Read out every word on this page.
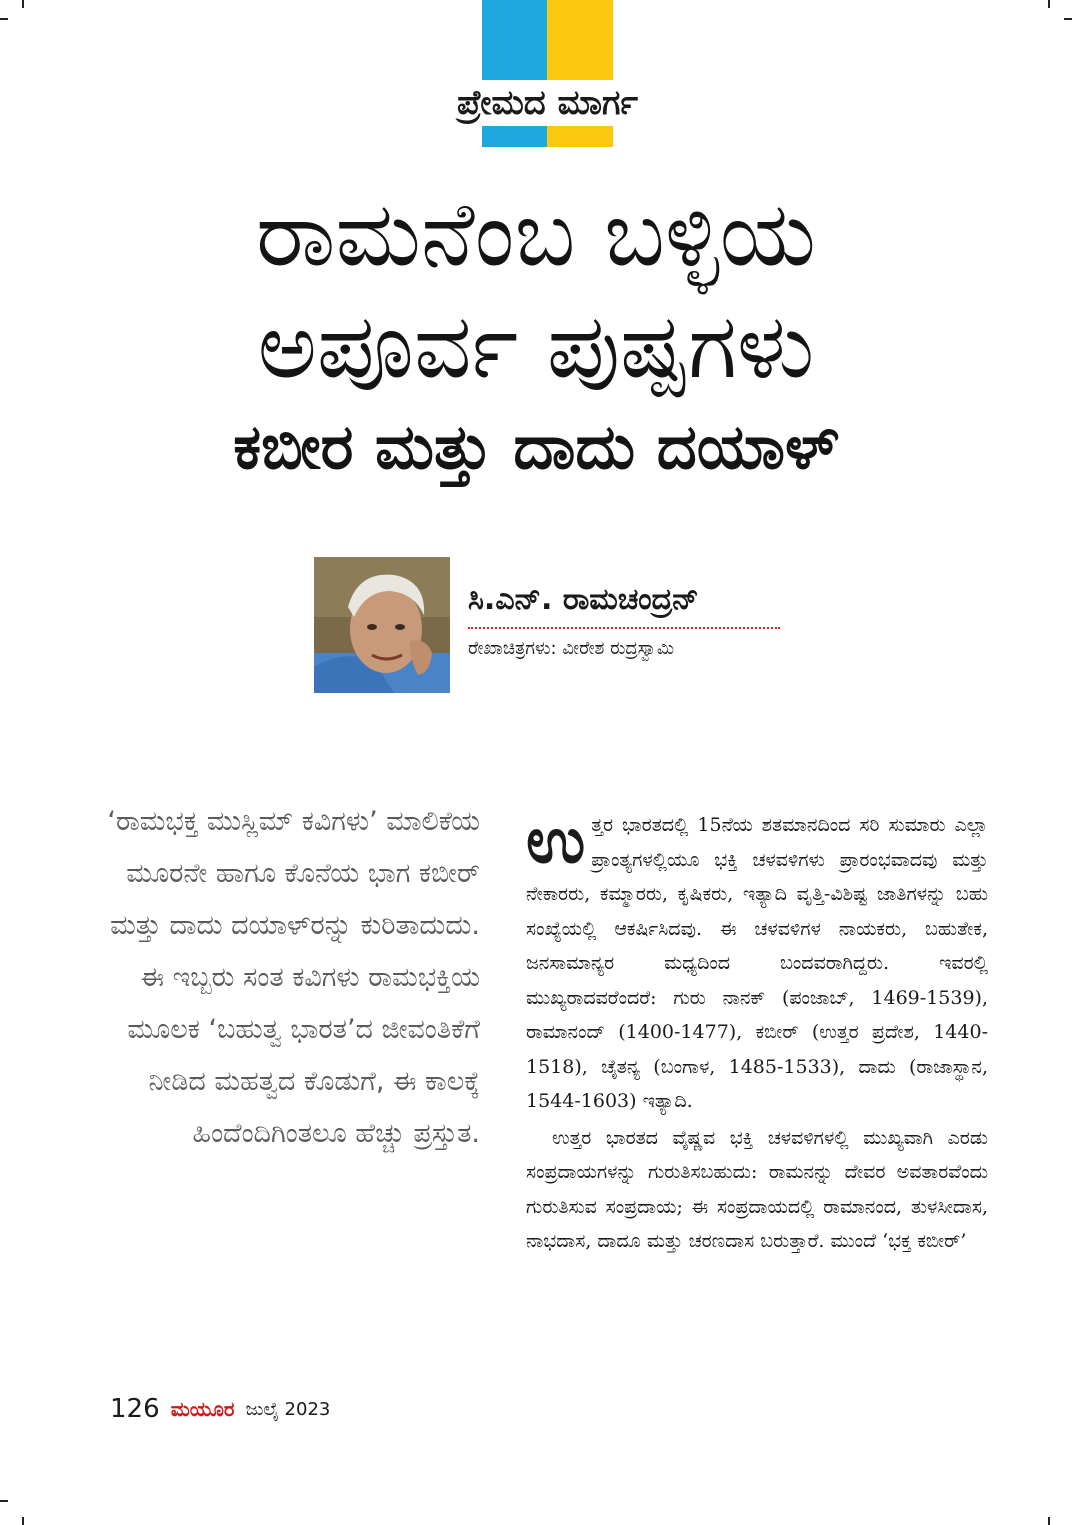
ಪ್ರೇಮದ ಮಾರ್ಗ
ರಾಮನೆಂಬ ಬಳ್ಳಿಯ
ಅಪೂರ್ವ ಪುಷ್ಪಗಳು
ಕಬೀರ ಮತ್ತು ದಾದು ದಯಾಳ್
ಸಿ.ಎನ್. ರಾಮಚಂದ್ರನ್
ರೇಖಾಚಿತ್ರಗಳು: ವೀರೇಶ ರುದ್ರಸ್ವಾಮಿ

‘ರಾಮಭಕ್ತ ಮುಸ್ಲಿಮ್ ಕವಿಗಳು’ ಮಾಲಿಕೆಯ ಮೂರನೇ ಹಾಗೂ ಕೊನೆಯ ಭಾಗ ಕಬೀರ್ ಮತ್ತು ದಾದು ದಯಾಳ್‌ರನ್ನು ಕುರಿತಾದುದು. ಈ ಇಬ್ಬರು ಸಂತ ಕವಿಗಳು ರಾಮಭಕ್ತಿಯ ಮೂಲಕ ‘ಬಹುತ್ವ ಭಾರತ’ದ ಜೀವಂತಿಕೆಗೆ ನೀಡಿದ ಮಹತ್ವದ ಕೊಡುಗೆ, ಈ ಕಾಲಕ್ಕೆ ಹಿಂದೆಂದಿಗಿಂತಲೂ ಹೆಚ್ಚು ಪ್ರಸ್ತುತ.

ಉತ್ತರ ಭಾರತದಲ್ಲಿ 15ನೆಯ ಶತಮಾನದಿಂದ ಸರಿ ಸುಮಾರು ಎಲ್ಲಾ ಪ್ರಾಂತ್ಯಗಳಲ್ಲಿಯೂ ಭಕ್ತಿ ಚಳವಳಿಗಳು ಪ್ರಾರಂಭವಾದವು ಮತ್ತು ನೇಕಾರರು, ಕಮ್ಮಾರರು, ಕೃಷಿಕರು, ಇತ್ಯಾದಿ ವೃತ್ತಿ-ವಿಶಿಷ್ಟ ಜಾತಿಗಳನ್ನು ಬಹು ಸಂಖ್ಯೆಯಲ್ಲಿ ಆಕರ್ಷಿಸಿದವು. ಈ ಚಳವಳಿಗಳ ನಾಯಕರು, ಬಹುತೇಕ, ಜನಸಾಮಾನ್ಯರ ಮಧ್ಯದಿಂದ ಬಂದವರಾಗಿದ್ದರು. ಇವರಲ್ಲಿ ಮುಖ್ಯರಾದವರೆಂದರೆ: ಗುರು ನಾನಕ್ (ಪಂಜಾಬ್, 1469-1539), ರಾಮಾನಂದ್ (1400-1477), ಕಬೀರ್ (ಉತ್ತರ ಪ್ರದೇಶ, 1440-1518), ಚೈತನ್ಯ (ಬಂಗಾಳ, 1485-1533), ದಾದು (ರಾಜಾಸ್ಥಾನ, 1544-1603) ಇತ್ಯಾದಿ.

ಉತ್ತರ ಭಾರತದ ವೈಷ್ಣವ ಭಕ್ತಿ ಚಳವಳಿಗಳಲ್ಲಿ ಮುಖ್ಯವಾಗಿ ಎರಡು ಸಂಪ್ರದಾಯಗಳನ್ನು ಗುರುತಿಸಬಹುದು: ರಾಮನನ್ನು ದೇವರ ಅವತಾರವೆಂದು ಗುರುತಿಸುವ ಸಂಪ್ರದಾಯ; ಈ ಸಂಪ್ರದಾಯದಲ್ಲಿ ರಾಮಾನಂದ, ತುಳಸೀದಾಸ, ನಾಭದಾಸ, ದಾದೂ ಮತ್ತು ಚರಣದಾಸ ಬರುತ್ತಾರೆ. ಮುಂದೆ ‘ಭಕ್ತ ಕಬೀರ್’

126 ಮಯೂರ ಜುಲೈ 2023
